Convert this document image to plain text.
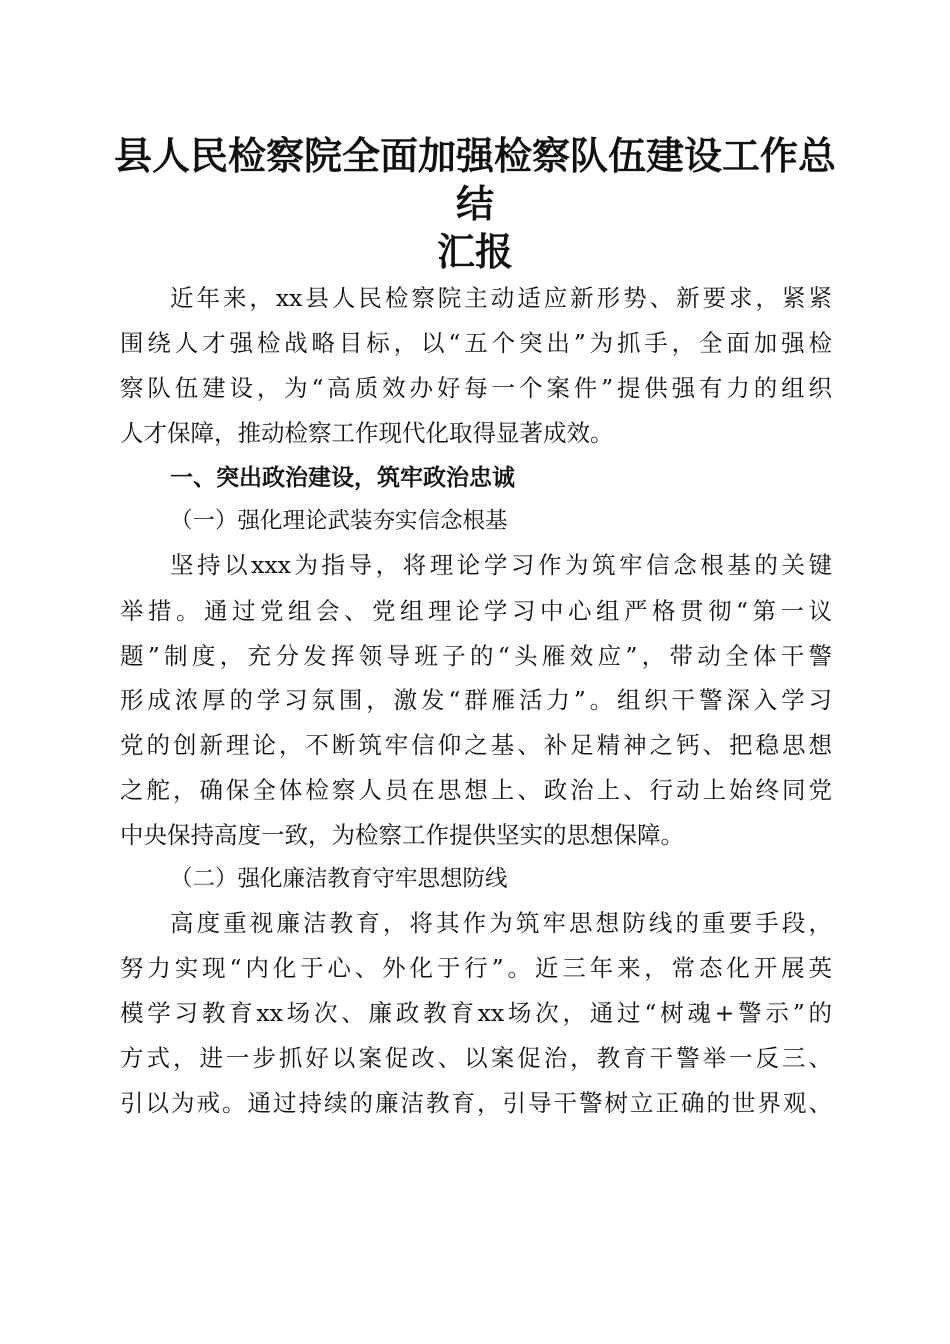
县人民检察院全面加强检察队伍建设工作总结
汇报

近年来，xx县人民检察院主动适应新形势、新要求，紧紧

围绕人才强检战略目标，以“五个突出”为抓手，全面加强检

察队伍建设，为“高质效办好每一个案件”提供强有力的组织

人才保障，推动检察工作现代化取得显著成效。

一、突出政治建设，筑牢政治忠诚

（一）强化理论武装夯实信念根基

坚持以xxx为指导，将理论学习作为筑牢信念根基的关键

举措。通过党组会、党组理论学习中心组严格贯彻“第一议

题”制度，充分发挥领导班子的“头雁效应”，带动全体干警

形成浓厚的学习氛围，激发“群雁活力”。组织干警深入学习

党的创新理论，不断筑牢信仰之基、补足精神之钙、把稳思想

之舵，确保全体检察人员在思想上、政治上、行动上始终同党

中央保持高度一致，为检察工作提供坚实的思想保障。

（二）强化廉洁教育守牢思想防线

高度重视廉洁教育，将其作为筑牢思想防线的重要手段，

努力实现“内化于心、外化于行”。近三年来，常态化开展英

模学习教育xx场次、廉政教育xx场次，通过“树魂+警示”的

方式，进一步抓好以案促改、以案促治，教育干警举一反三、

引以为戒。通过持续的廉洁教育，引导干警树立正确的世界观、
